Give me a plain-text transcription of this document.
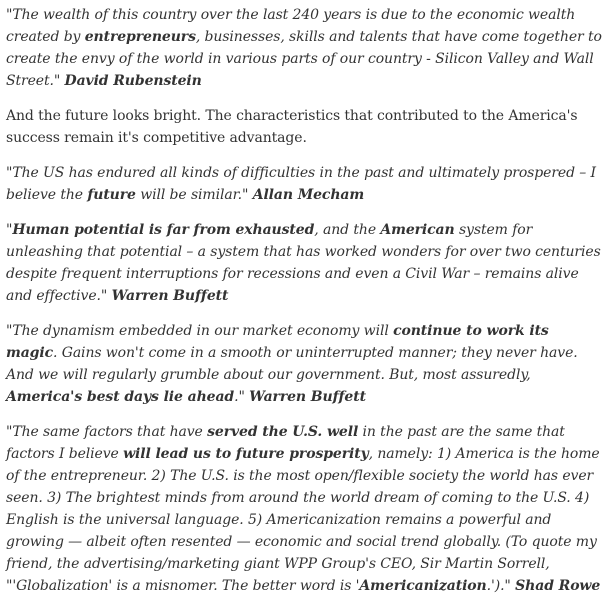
"The wealth of this country over the last 240 years is due to the economic wealth created by entrepreneurs, businesses, skills and talents that have come together to create the envy of the world in various parts of our country - Silicon Valley and Wall Street." David Rubenstein

And the future looks bright. The characteristics that contributed to the America's success remain it's competitive advantage.

"The US has endured all kinds of difficulties in the past and ultimately prospered – I believe the future will be similar." Allan Mecham

"Human potential is far from exhausted, and the American system for unleashing that potential – a system that has worked wonders for over two centuries despite frequent interruptions for recessions and even a Civil War – remains alive and effective." Warren Buffett

"The dynamism embedded in our market economy will continue to work its magic. Gains won't come in a smooth or uninterrupted manner; they never have. And we will regularly grumble about our government. But, most assuredly, America's best days lie ahead." Warren Buffett

"The same factors that have served the U.S. well in the past are the same that factors I believe will lead us to future prosperity, namely: 1) America is the home of the entrepreneur. 2) The U.S. is the most open/flexible society the world has ever seen. 3) The brightest minds from around the world dream of coming to the U.S. 4) English is the universal language. 5) Americanization remains a powerful and growing — albeit often resented — economic and social trend globally. (To quote my friend, the advertising/marketing giant WPP Group's CEO, Sir Martin Sorrell, "'Globalization' is a misnomer. The better word is 'Americanization.')." Shad Rowe
